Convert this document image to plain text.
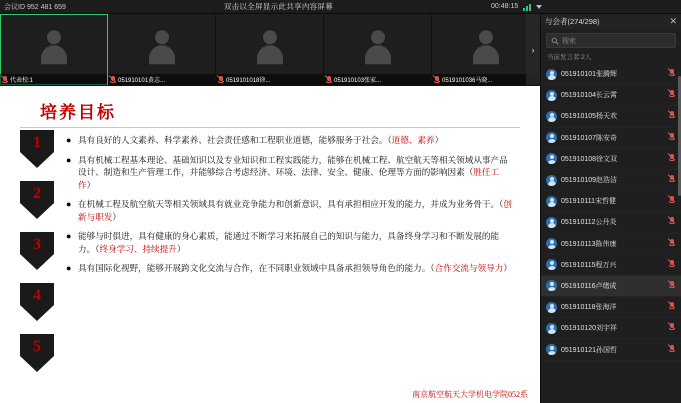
会议ID 952 481 659	双击以全屏显示此共享内容屏幕	00:48:15
代表校:1	051910101黄志...	0519101018徐...	051910103张家...	0519101036马晓...
›
培养目标
1
2
3
4
5
● 具有良好的人文素养、科学素养、社会责任感和工程职业道德，能够服务于社会。（道德、素养）
● 具有机械工程基本理论、基础知识以及专业知识和工程实践能力，能够在机械工程、航空航天等相关领域从事产品设计、制造和生产管理工作，并能够综合考虑经济、环境、法律、安全、健康、伦理等方面的影响因素（胜任工作）
● 在机械工程及航空航天等相关领域具有就业竞争能力和创新意识，具有承担相应开发的能力，并成为业务骨干。（创新与职发）
● 能够与时俱进，具有健康的身心素质，能通过不断学习来拓展自己的知识与能力，具备终身学习和不断发展的能力。（终身学习、持续提升）
● 具有国际化视野，能够开展跨文化交流与合作，在不同职业领域中具备承担领导角色的能力。（合作交流与领导力）
南京航空航天大学机电学院052系
与会者(274/298)	✕
搜索
当前发言者:2人
051910101张腾辉
051910104长云霄
051910105杨天欢
051910107陈安奇
051910108徐文双
051910109赵浩洁
051910111宋哲健
051910112公丹炎
051910113陈伟康
051910115程万兴
051910116卢绪成
051910118张海洋
051910120刘宇祥
051910121孙国哲
